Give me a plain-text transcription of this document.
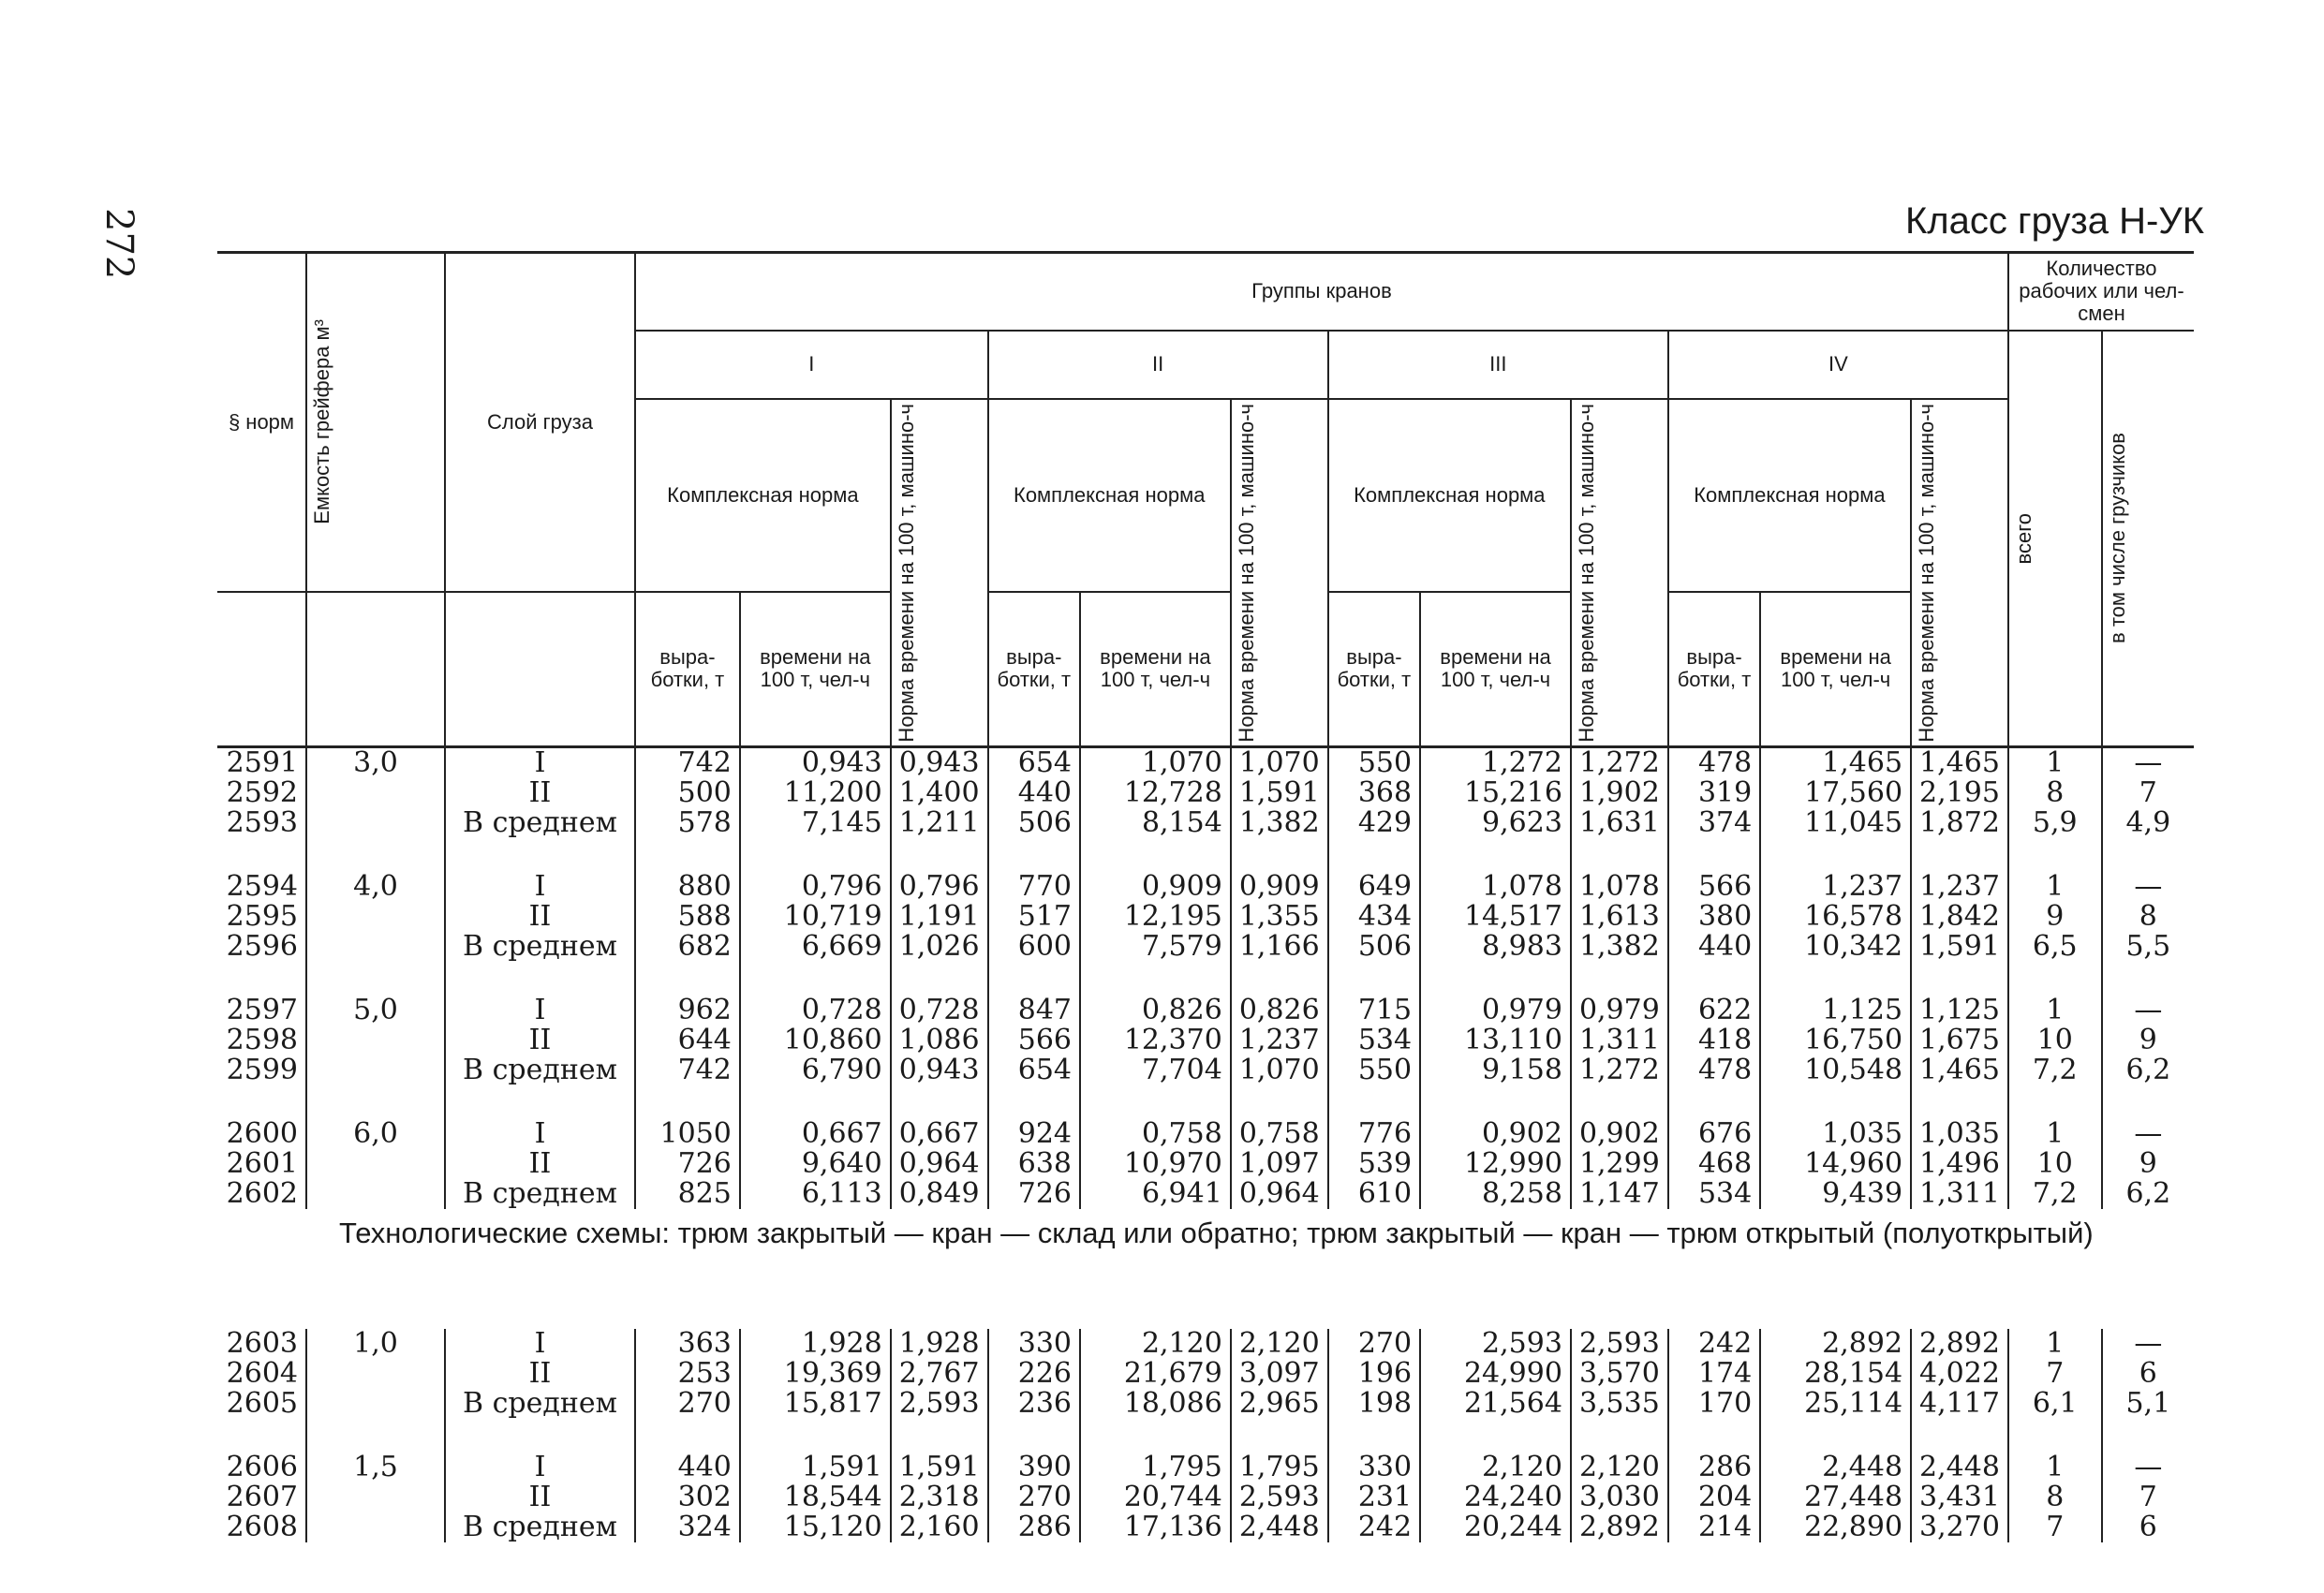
272	Класс груза Н-УК
§ норм	Емкость грейфера м³	Слой груза	Группы кранов												Количество рабочих или чел-смен	
			I			II			III			IV			всего	в том числе грузчиков

			Комплексная норма		Норма времени на 100 т, машино-ч	Комплексная норма		Норма времени на 100 т, машино-ч	Комплексная норма		Норма времени на 100 т, машино-ч	Комплексная норма		Норма времени на 100 т, машино-ч		

			выра- ботки, т	времени на 100 т, чел-ч		выра- ботки, т	времени на 100 т, чел-ч		выра- ботки, т	времени на 100 т, чел-ч		выра- ботки, т	времени на 100 т, чел-ч			
2591	3,0	I	742	0,943	0,943	654	1,070	1,070	550	1,272	1,272	478	1,465	1,465	1	—
2592		II	500	11,200	1,400	440	12,728	1,591	368	15,216	1,902	319	17,560	2,195	8	7
2593		В среднем	578	7,145	1,211	506	8,154	1,382	429	9,623	1,631	374	11,045	1,872	5,9	4,9

2594	4,0	I	880	0,796	0,796	770	0,909	0,909	649	1,078	1,078	566	1,237	1,237	1	—
2595		II	588	10,719	1,191	517	12,195	1,355	434	14,517	1,613	380	16,578	1,842	9	8
2596		В среднем	682	6,669	1,026	600	7,579	1,166	506	8,983	1,382	440	10,342	1,591	6,5	5,5

2597	5,0	I	962	0,728	0,728	847	0,826	0,826	715	0,979	0,979	622	1,125	1,125	1	—
2598		II	644	10,860	1,086	566	12,370	1,237	534	13,110	1,311	418	16,750	1,675	10	9
2599		В среднем	742	6,790	0,943	654	7,704	1,070	550	9,158	1,272	478	10,548	1,465	7,2	6,2

2600	6,0	I	1050	0,667	0,667	924	0,758	0,758	776	0,902	0,902	676	1,035	1,035	1	—
2601		II	726	9,640	0,964	638	10,970	1,097	539	12,990	1,299	468	14,960	1,496	10	9
2602		В среднем	825	6,113	0,849	726	6,941	0,964	610	8,258	1,147	534	9,439	1,311	7,2	6,2
Технологические схемы: трюм закрытый — кран — склад или обратно; трюм закрытый — кран — трюм открытый (полуоткрытый)																
2603	1,0	I	363	1,928	1,928	330	2,120	2,120	270	2,593	2,593	242	2,892	2,892	1	—
2604		II	253	19,369	2,767	226	21,679	3,097	196	24,990	3,570	174	28,154	4,022	7	6
2605		В среднем	270	15,817	2,593	236	18,086	2,965	198	21,564	3,535	170	25,114	4,117	6,1	5,1

2606	1,5	I	440	1,591	1,591	390	1,795	1,795	330	2,120	2,120	286	2,448	2,448	1	—
2607		II	302	18,544	2,318	270	20,744	2,593	231	24,240	3,030	204	27,448	3,431	8	7
2608		В среднем	324	15,120	2,160	286	17,136	2,448	242	20,244	2,892	214	22,890	3,270	7	6
